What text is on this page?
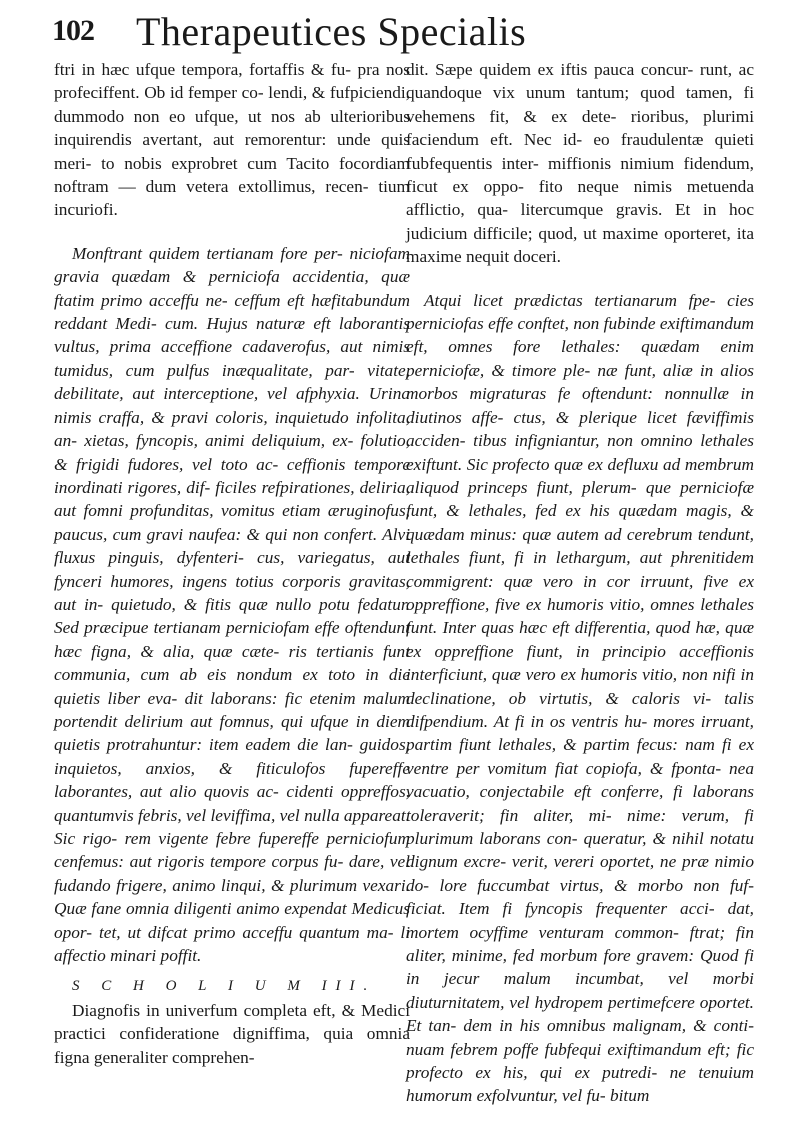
102 Therapeutices Specialis

ftri in hæc ufque tempora, fortaffis & fu- pra nos profeciffent. Ob id femper co- lendi, & fufpiciendi, dummodo non eo ufque, ut nos ab ulterioribus inquirendis avertant, aut remorentur: unde quis meri- to nobis exprobret cum Tacito focordiam noftram — dum vetera extollimus, recen- tium incuriofi.

Monftrant quidem tertianam fore per- niciofam gravia quædam & perniciofa accidentia, quæ ftatim primo acceffu ne- ceffum eft hæfitabundum reddant Medi- cum. Hujus naturæ eft laborantis vultus, prima acceffione cadaverofus, aut nimis tumidus, cum pulfus inæqualitate, par- vitate, debilitate, aut interceptione, vel afphyxia. Urina nimis craffa, & pravi coloris, inquietudo infolita, an- xietas, fyncopis, animi deliquium, ex- folutio, & frigidi fudores, vel toto ac- ceffionis tempore inordinati rigores, dif- ficiles refpirationes, deliria, aut fomni profunditas, vomitus etiam æruginofus, paucus, cum gravi naufea: & qui non confert. Alvi fluxus pinguis, dyfenteri- cus, variegatus, aut fynceri humores, ingens totius corporis gravitas, aut in- quietudo, & fitis quæ nullo potu fedatur. Sed præcipue tertianam perniciofam effe oftendunt hæc figna, & alia, quæ cæte- ris tertianis funt communia, cum ab eis nondum ex toto in die quietis liber eva- dit laborans: fic etenim malum portendit delirium aut fomnus, qui ufque in diem quietis protrahuntur: item eadem die lan- guidos, inquietos, anxios, & fiticulofos fupereffe laborantes, aut alio quovis ac- cidenti oppreffos, quantumvis febris, vel leviffima, vel nulla appareat. Sic rigo- rem vigente febre fupereffe perniciofum cenfemus: aut rigoris tempore corpus fu- dare, vel fudando frigere, animo linqui, & plurimum vexari. Quæ fane omnia diligenti animo expendat Medicus opor- tet, ut difcat primo acceffu quantum ma- li affectio minari poffit.

S C H O L I U M III.

Diagnofis in univerfum completa eft, & Medici practici confideratione digniffima, quia omnia figna generaliter comprehen-

dit. Sæpe quidem ex iftis pauca concur- runt, ac quandoque vix unum tantum; quod tamen, fi vehemens fit, & ex dete- rioribus, plurimi faciendum eft. Nec id- eo fraudulentæ quieti fubfequentis inter- miffionis nimium fidendum, ficut ex oppo- fito neque nimis metuenda afflictio, qua- litercumque gravis. Et in hoc judicium difficile; quod, ut maxime oporteret, ita maxime nequit doceri.

Atqui licet prædictas tertianarum fpe- cies perniciofas effe conftet, non fubinde exiftimandum eft, omnes fore lethales: quædam enim perniciofæ, & timore ple- næ funt, aliæ in alios morbos migraturas fe oftendunt: nonnullæ in diutinos affe- ctus, & plerique licet fæviffimis acciden- tibus infigniantur, non omnino lethales exiftunt. Sic profecto quæ ex defluxu ad membrum aliquod princeps fiunt, plerum- que perniciofæ funt, & lethales, fed ex his quædam magis, & quædam minus: quæ autem ad cerebrum tendunt, lethales fiunt, fi in lethargum, aut phrenitidem commigrent: quæ vero in cor irruunt, five ex oppreffione, five ex humoris vitio, omnes lethales funt. Inter quas hæc eft differentia, quod hæ, quæ ex oppreffione fiunt, in principio acceffionis interficiunt, quæ vero ex humoris vitio, non nifi in declinatione, ob virtutis, & caloris vi- talis difpendium. At fi in os ventris hu- mores irruant, partim fiunt lethales, & partim fecus: nam fi ex ventre per vomitum fiat copiofa, & fponta- nea vacuatio, conjectabile eft conferre, fi laborans toleraverit; fin aliter, mi- nime: verum, fi plurimum laborans con- queratur, & nihil notatu dignum excre- verit, vereri oportet, ne præ nimio do- lore fuccumbat virtus, & morbo non fuf- ficiat. Item fi fyncopis frequenter acci- dat, mortem ocyffime venturam common- ftrat; fin aliter, minime, fed morbum fore gravem: Quod fi in jecur malum incumbat, vel morbi diuturnitatem, vel hydropem pertimefcere oportet. Et tan- dem in his omnibus malignam, & conti- nuam febrem poffe fubfequi exiftimandum eft; fic profecto ex his, qui ex putredi- ne tenuium humorum exfolvuntur, vel fu- bitum
